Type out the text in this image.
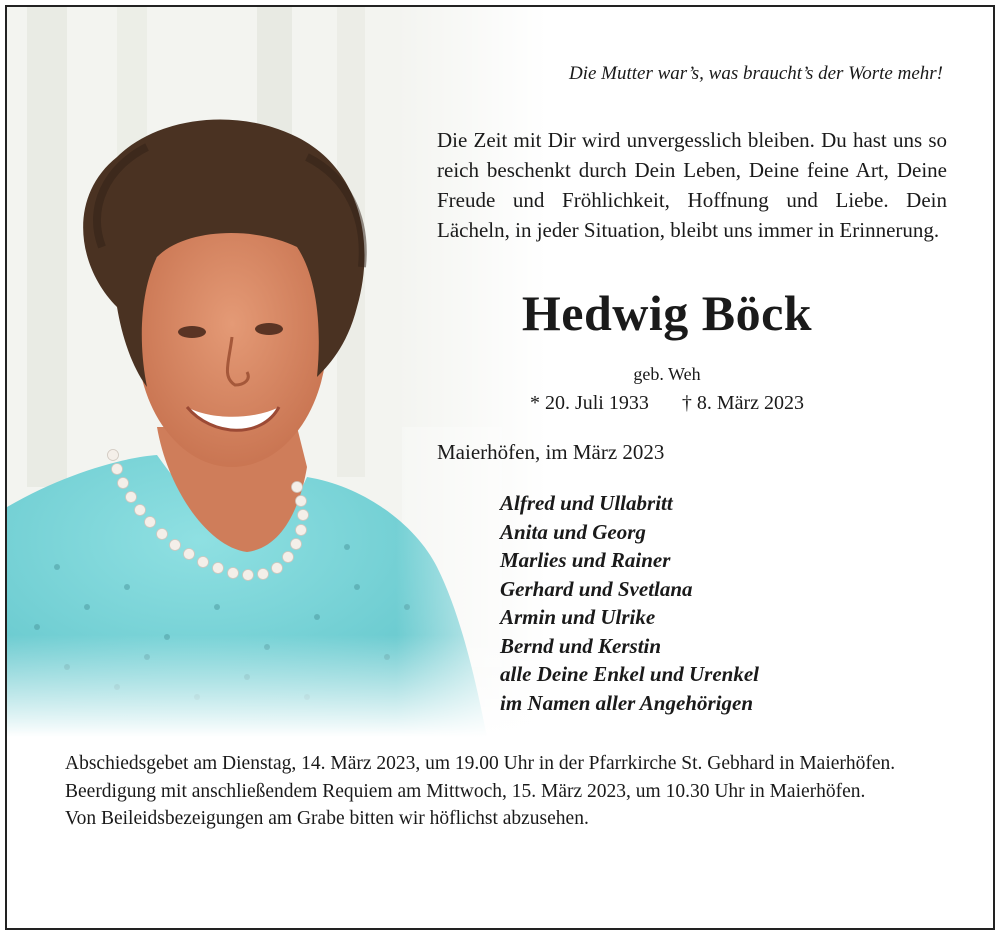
Die Mutter war’s, was braucht’s der Worte mehr!

Die Zeit mit Dir wird unvergesslich bleiben. Du hast uns so reich beschenkt durch Dein Leben, Deine feine Art, Deine Freude und Fröhlichkeit, Hoffnung und Liebe. Dein Lächeln, in jeder Situation, bleibt uns immer in Erinnerung.

Hedwig Böck
geb. Weh
* 20. Juli 1933 † 8. März 2023
Maierhöfen, im März 2023
Alfred und Ullabritt
Anita und Georg
Marlies und Rainer
Gerhard und Svetlana
Armin und Ulrike
Bernd und Kerstin
alle Deine Enkel und Urenkel
im Namen aller Angehörigen

Abschiedsgebet am Dienstag, 14. März 2023, um 19.00 Uhr in der Pfarrkirche St. Gebhard in Maierhöfen.

Beerdigung mit anschließendem Requiem am Mittwoch, 15. März 2023, um 10.30 Uhr in Maierhöfen.

Von Beileidsbezeigungen am Grabe bitten wir höflichst abzusehen.
